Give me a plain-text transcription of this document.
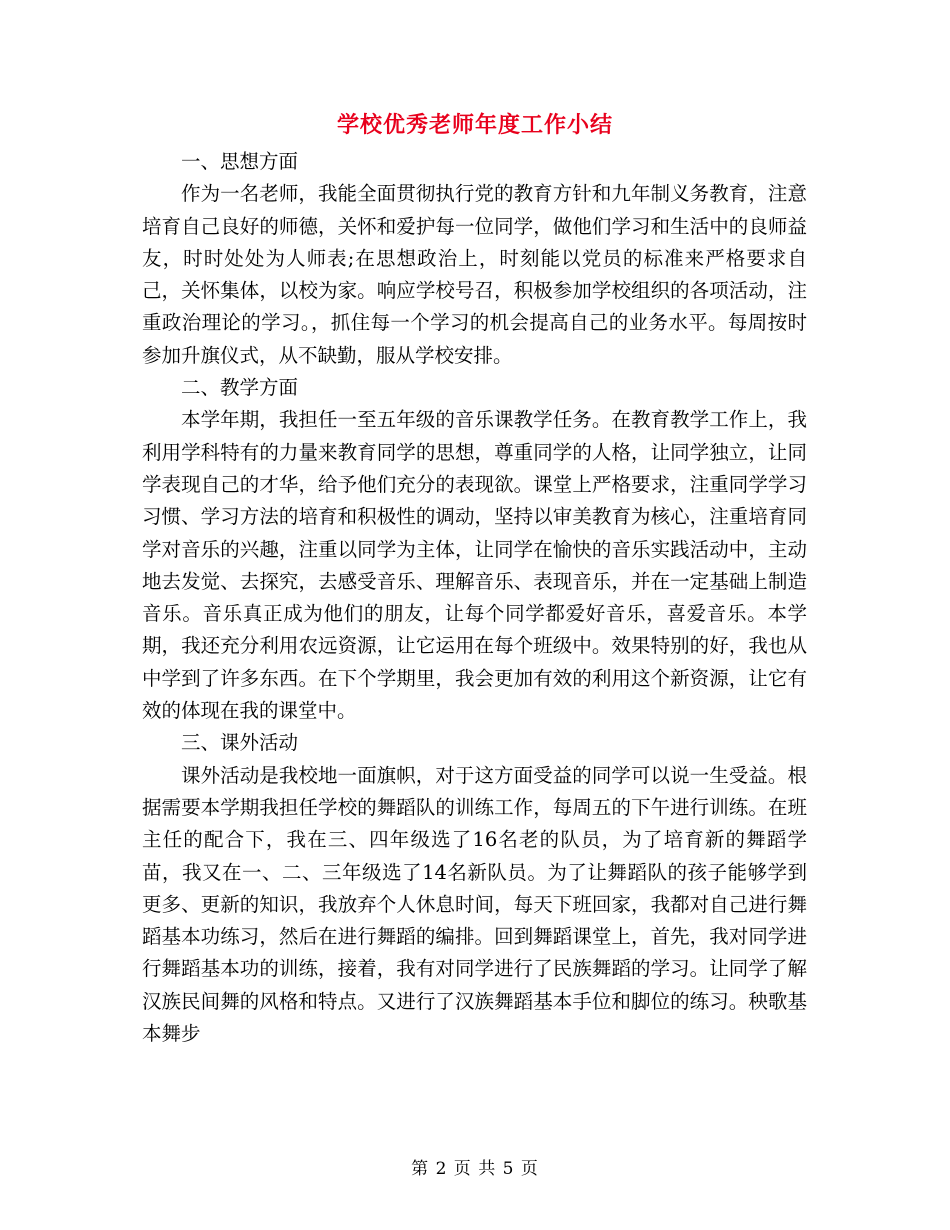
学校优秀老师年度工作小结

一、思想方面

作为一名老师，我能全面贯彻执行党的教育方针和九年制义务教育，注意培育自己良好的师德，关怀和爱护每一位同学，做他们学习和生活中的良师益友，时时处处为人师表;在思想政治上，时刻能以党员的标准来严格要求自己，关怀集体，以校为家。响应学校号召，积极参加学校组织的各项活动，注重政治理论的学习。，抓住每一个学习的机会提高自己的业务水平。每周按时参加升旗仪式，从不缺勤，服从学校安排。

二、教学方面

本学年期，我担任一至五年级的音乐课教学任务。在教育教学工作上，我利用学科特有的力量来教育同学的思想，尊重同学的人格，让同学独立，让同学表现自己的才华，给予他们充分的表现欲。课堂上严格要求，注重同学学习习惯、学习方法的培育和积极性的调动，坚持以审美教育为核心，注重培育同学对音乐的兴趣，注重以同学为主体，让同学在愉快的音乐实践活动中，主动地去发觉、去探究，去感受音乐、理解音乐、表现音乐，并在一定基础上制造音乐。音乐真正成为他们的朋友，让每个同学都爱好音乐，喜爱音乐。本学期，我还充分利用农远资源，让它运用在每个班级中。效果特别的好，我也从中学到了许多东西。在下个学期里，我会更加有效的利用这个新资源，让它有效的体现在我的课堂中。

三、课外活动

课外活动是我校地一面旗帜，对于这方面受益的同学可以说一生受益。根据需要本学期我担任学校的舞蹈队的训练工作，每周五的下午进行训练。在班主任的配合下，我在三、四年级选了16名老的队员，为了培育新的舞蹈学苗，我又在一、二、三年级选了14名新队员。为了让舞蹈队的孩子能够学到更多、更新的知识，我放弃个人休息时间，每天下班回家，我都对自己进行舞蹈基本功练习，然后在进行舞蹈的编排。回到舞蹈课堂上，首先，我对同学进行舞蹈基本功的训练，接着，我有对同学进行了民族舞蹈的学习。让同学了解汉族民间舞的风格和特点。又进行了汉族舞蹈基本手位和脚位的练习。秧歌基本舞步

第 2 页 共 5 页
